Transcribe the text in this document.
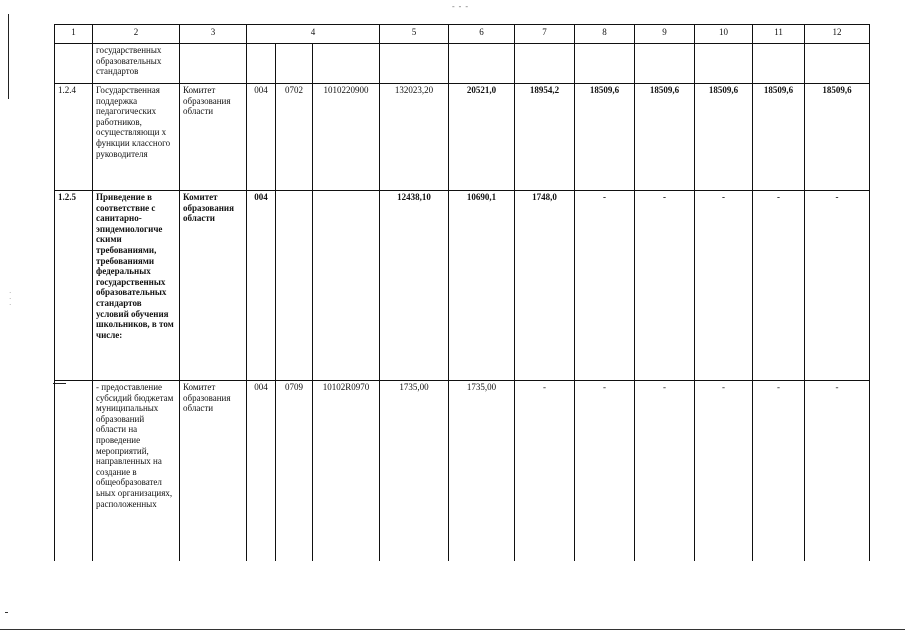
- - -
·
·
·
1	2	3	4			5	6	7	8	9	10	11	12
	государственных образовательных стандартов												
1.2.4	Государственная поддержка педагогических работников, осуществляющи х функции классного руководителя	Комитет образования области	004	0702	1010220900	132023,20	20521,0	18954,2	18509,6	18509,6	18509,6	18509,6	18509,6
1.2.5	Приведение в соответствие с санитарно-эпидемиологиче скими требованиями, требованиями федеральных государственных образовательных стандартов условий обучения школьников, в том числе:	Комитет образования области	004			12438,10	10690,1	1748,0	-	-	-	-	-
	- предоставление субсидий бюджетам муниципальных образований области на проведение мероприятий, направленных на создание в общеобразовател ьных организациях, расположенных	Комитет образования области	004	0709	10102R0970	1735,00	1735,00	-	-	-	-	-	-
